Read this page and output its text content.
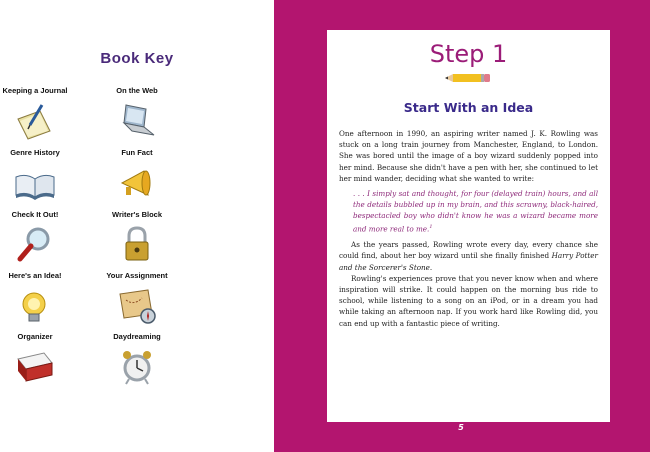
Book Key
Keeping a Journal	On the Web
Genre History	Fun Fact
Check It Out!	Writer's Block
Here's an Idea!	Your Assignment
Organizer	Daydreaming
Step 1
Start With an Idea

One afternoon in 1990, an aspiring writer named J. K. Rowling was stuck on a long train journey from Manchester, England, to London. She was bored until the image of a boy wizard suddenly popped into her mind. Because she didn't have a pen with her, she continued to let her mind wander, deciding what she wanted to write:

. . . I simply sat and thought, for four (delayed train) hours, and all the details bubbled up in my brain, and this scrawny, black-haired, bespectacled boy who didn't know he was a wizard became more and more real to me.$^1$

As the years passed, Rowling wrote every day, every chance she could find, about her boy wizard until she finally finished Harry Potter and the Sorcerer's Stone.

Rowling's experiences prove that you never know when and where inspiration will strike. It could happen on the morning bus ride to school, while listening to a song on an iPod, or in a dream you had while taking an afternoon nap. If you work hard like Rowling did, you can end up with a fantastic piece of writing.

5
